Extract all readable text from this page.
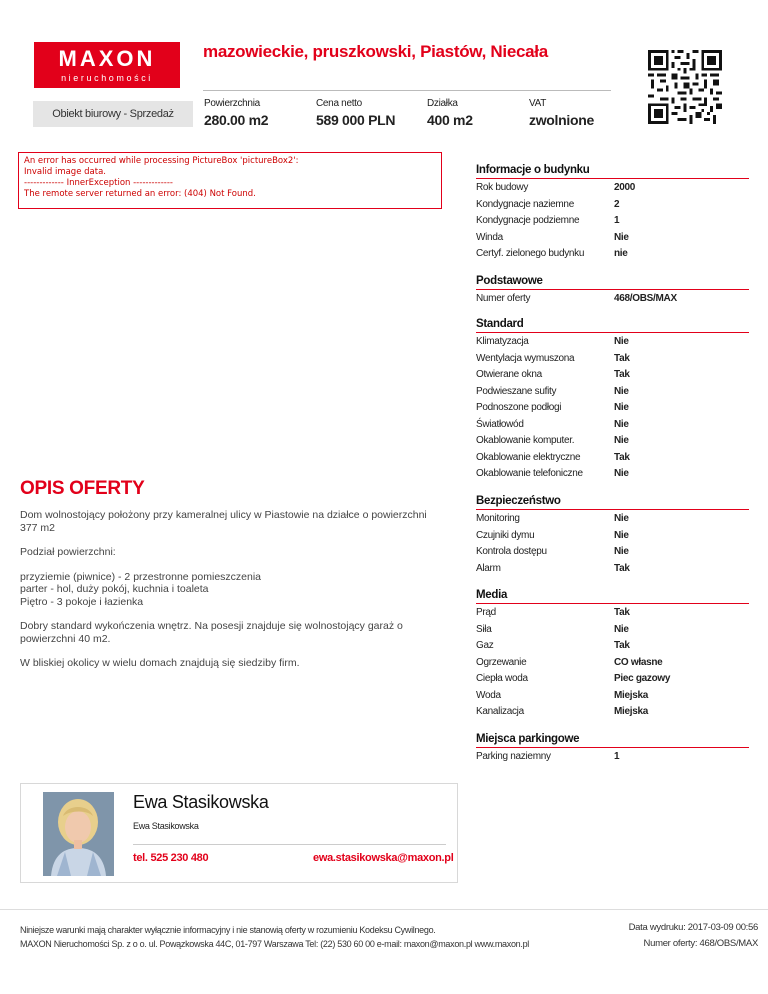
MAXON
nieruchomości
mazowieckie, pruszkowski, Piastów, Niecała
Obiekt biurowy - Sprzedaż
Powierzchnia
280.00 m2
Cena netto
589 000 PLN
Działka
400 m2
VAT
zwolnione
An error has occurred while processing PictureBox 'pictureBox2':
Invalid image data.
------------- InnerException -------------
The remote server returned an error: (404) Not Found.
Informacje o budynku
Rok budowy	2000
Kondygnacje naziemne	2
Kondygnacje podziemne	1
Winda	Nie
Certyf. zielonego budynku	nie
Podstawowe
Numer oferty	468/OBS/MAX
Standard
Klimatyzacja	Nie
Wentylacja wymuszona	Tak
Otwierane okna	Tak
Podwieszane sufity	Nie
Podnoszone podłogi	Nie
Światłowód	Nie
Okablowanie komputer.	Nie
Okablowanie elektryczne	Tak
Okablowanie telefoniczne	Nie
Bezpieczeństwo
Monitoring	Nie
Czujniki dymu	Nie
Kontrola dostępu	Nie
Alarm	Tak
Media
Prąd	Tak
Siła	Nie
Gaz	Tak
Ogrzewanie	CO własne
Ciepła woda	Piec gazowy
Woda	Miejska
Kanalizacja	Miejska
Miejsca parkingowe
Parking naziemny	1
OPIS OFERTY

Dom wolnostojący położony przy kameralnej ulicy w Piastowie na działce o powierzchni 377 m2

Podział powierzchni:

przyziemie (piwnice) - 2 przestronne pomieszczenia
parter - hol, duży pokój, kuchnia i toaleta
Piętro - 3 pokoje i łazienka

Dobry standard wykończenia wnętrz. Na posesji znajduje się wolnostojący garaż o powierzchni 40 m2.

W bliskiej okolicy w wielu domach znajdują się siedziby firm.

Ewa Stasikowska
Ewa Stasikowska
tel. 525 230 480	ewa.stasikowska@maxon.pl
Niniejsze warunki mają charakter wyłącznie informacyjny i nie stanowią oferty w rozumieniu Kodeksu Cywilnego.
MAXON Nieruchomości Sp. z o o. ul. Powązkowska 44C, 01-797 Warszawa Tel: (22) 530 60 00 e-mail: maxon@maxon.pl www.maxon.pl
Data wydruku: 2017-03-09 00:56
Numer oferty: 468/OBS/MAX
